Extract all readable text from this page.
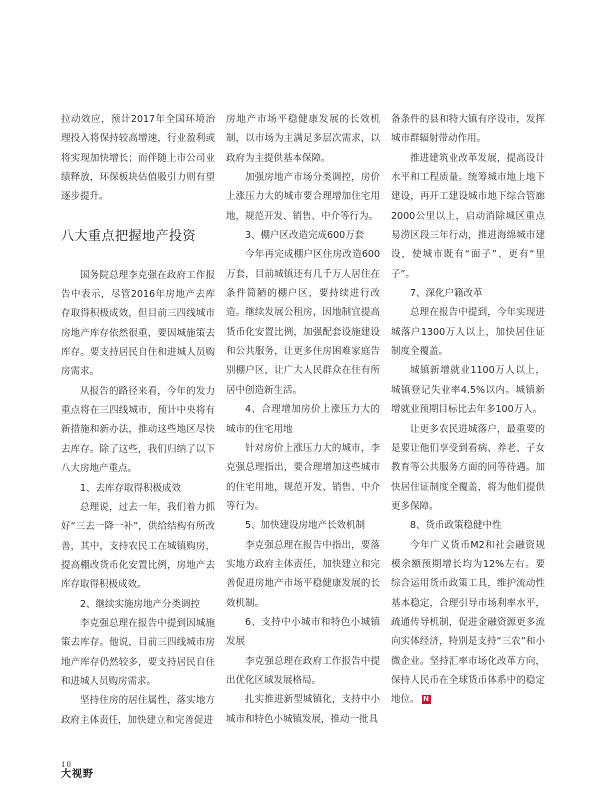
拉动效应，预计2017年全国环境治理投入将保持较高增速，行业盈利或将实现加快增长；而伴随上市公司业绩释放，环保板块估值吸引力则有望逐步提升。

八大重点把握地产投资

国务院总理李克强在政府工作报告中表示，尽管2016年房地产去库存取得积极成效，但目前三四线城市房地产库存依然很重，要因城施策去库存。要支持居民自住和进城人员购房需求。

从报告的路径来看，今年的发力重点将在三四线城市，预计中央将有新措施和新办法，推动这些地区尽快去库存。除了这些，我们归纳了以下八大房地产重点。

1、去库存取得积极成效

总理说，过去一年，我们着力抓好“三去一降一补”，供给结构有所改善，其中，支持农民工在城镇购房，提高棚改货币化安置比例，房地产去库存取得积极成效。

2、继续实施房地产分类调控

李克强总理在报告中提到因城施策去库存。他说，目前三四线城市房地产库存仍然较多，要支持居民自住和进城人员购房需求。

坚持住房的居住属性，落实地方政府主体责任，加快建立和完善促进

房地产市场平稳健康发展的长效机制，以市场为主满足多层次需求，以政府为主提供基本保障。

加强房地产市场分类调控，房价上涨压力大的城市要合理增加住宅用地，规范开发、销售、中介等行为。

3、棚户区改造完成600万套

今年再完成棚户区住房改造600万套，目前城镇还有几千万人居住在条件简陋的棚户区，要持续进行改造。继续发展公租房，因地制宜提高货币化安置比例，加强配套设施建设和公共服务，让更多住房困难家庭告别棚户区，让广大人民群众在住有所居中创造新生活。

4、合理增加房价上涨压力大的城市的住宅用地

针对房价上涨压力大的城市，李克强总理指出，要合理增加这些城市的住宅用地，规范开发、销售、中介等行为。

5、加快建设房地产长效机制

李克强总理在报告中指出，要落实地方政府主体责任，加快建立和完善促进房地产市场平稳健康发展的长效机制。

6、支持中小城市和特色小城镇发展

李克强总理在政府工作报告中提出优化区域发展格局。

扎实推进新型城镇化，支持中小城市和特色小城镇发展，推动一批具

备条件的县和特大镇有序设市，发挥城市群辐射带动作用。

推进建筑业改革发展，提高设计水平和工程质量。统筹城市地上地下建设，再开工建设城市地下综合管廊2000公里以上，启动消除城区重点易涝区段三年行动，推进海绵城市建设，使城市既有“面子”、更有“里子”。

7、深化户籍改革

总理在报告中提到，今年实现进城落户1300万人以上，加快居住证制度全覆盖。

城镇新增就业1100万人以上，城镇登记失业率4.5%以内。城镇新增就业预期目标比去年多100万人。

让更多农民进城落户，最重要的是要让他们享受到看病、养老、子女教育等公共服务方面的同等待遇。加快居住证制度全覆盖，将为他们提供更多保障。

8、货币政策稳健中性

今年广义货币M2和社会融资规模余额预期增长均为12%左右。要综合运用货币政策工具，维护流动性基本稳定，合理引导市场利率水平，疏通传导机制，促进金融资源更多流向实体经济，特别是支持“三农”和小微企业。坚持汇率市场化改革方向，保持人民币在全球货币体系中的稳定地位。 N

10
大视野
